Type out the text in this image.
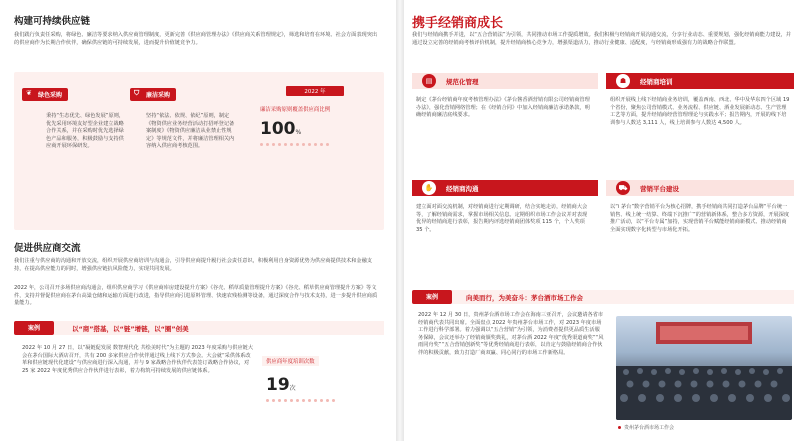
构建可持续供应链
我们践行负责任采购，将绿色、廉洁等要求纳入供应商管理制度，更新完善《供应商管理办法》《供应商关系管理规定》，筛选和培育在环境、社会方面表现突出的供应商作为长期合作伙伴，确保供应链的可持续发展，进而提升价值链竞争力。
❦ 绿色采购
秉持“生态优先、绿色发展”原则，优先采用环境友好型企业建立战略合作关系，并在采购时优先选择绿色产品和服务，积极鼓励与支持供应商开展环保研发。
⛉ 廉洁采购
坚持“依法、依规、依纪”原则，制定《物资供应业务经营活动打招呼登记备案制度》《物资供应廉洁从业禁止性规定》等规范文件，并将廉洁管理相关内容纳入供应商考核范围。
2022 年
廉洁采购原则覆盖供应商比例
100%
促进供应商交流
我们注重与供应商的沟通和开放交流，组织开展供应商培训与沟通会，引导供应商提升履行社会责任意识，积极利用自身资源优势为供应商提供技术和金融支持，在提高供应能力的同时，增强供应链抗风险能力，实现共同发展。
2022 年，公司召开多场供应商沟通会，组织供应商学习《供应商库房建设提升方案》《谷壳、稻草质量管理提升方案》《谷壳、稻草供应商管理提升方案》等文件，支持并督促供应商在茅台高粱仓储和运输方面进行改进，指导供应商引进原料管理、快速农残检测等设备，通过深度合作与技术支持，进一步提升供应商质量能力。
案例	以“商”搭基，以“链”增链，以“圈”创美
2022 年 10 月 27 日，以“凝链促发展 数智现代化 共绘美时代”为主题的 2023 年度采购与供应链大会在茅台国际大酒店召开，共有 200 多家供应合作伙伴通过线上线下方式参会。大会就“采供体系改革和供应链现代化建设”与供应商进行深入沟通，并与 9 家战略合作伙伴代表签订战略合作协议，对 25 家 2022 年度优秀供应合作伙伴进行表彰，着力构筑可持续发展的供应链体系。
供应商年度培训次数
19次
携手经销商成长
我们与经销商携手并进，以“五合营销法”为引领，共同推动市场工作提质增效。我们积极与经销商开展沟通交流，分享行业动态、重要规划，强化经销商能力建设，并通过设立完善的经销商考核评价机制，提升经销商核心竞争力，增强渠道活力，推动行业健康、适配度，与经销商形成强有力的战略合作联盟。
▤	规范化管理
制定《茅台经销商年度考核管理办法》《茅台酱香酒营销有限公司经销商管理办法》，强化营销网络管理；在《经销合同》中加入经销商廉洁承诺条款，明确经销商廉洁底线要求。
☗	经销商培训
组织开展线上线下经销商业务培训，覆盖西南、西北、华中及华东四个区域 19 个省份，聚焦公司营销模式、业务流程、供应链、酒业发展新动态、生产管理工艺等方面，提升经销商经营管理理论与实践水平；报告期内，开展的线下培训参与人数达 3,111 人，线上培训参与人数达 4,500 人。
✋	经销商沟通
建立面对面交流机制，对经销商进行定期调研，结合实地走访，经销商大会等，了解经销商需求，掌握市场相关信息。定期组织市场工作会议并对表现优异的经销商进行表彰，报告期内评选经销商团体奖项 115 个，个人奖项 35 个。
⛟	营销平台建设
以“i 茅台”数字营销平台为核心招牌，携手经销商共同打造茅台品牌“平台统一销售、线上统一结算、终端下沉推广”的营销新体系，整合多方资源，开展深度推广活动，以“平台专属”加持，实现营销平台赋能经销商新模式、推动经销商全面实现数字化转型与市场化开拓。
案例	向美而行，为美奋斗：茅台酒市场工作会
2022 年 12 月 30 日，贵州茅台酒市场工作会在海南三亚召开，会议邀请各省市经销商代表共同出席。全面盘点 2022 年贵州茅台市场工作，对 2023 年度市场工作进行科学部署。着力强调以“五合营销”为引领，为消费者提供更品质生活服务保障，会议还举办了经销商颁奖典礼，对茅台酒 2022 年度“优秀渠道商奖”“风雨同舟奖”“五合营销创新奖”等优秀经销商进行表彰，以肯定与鼓励经销商合作伙伴的积极贡献，致力打造厂商双赢、同心同行的市场工作新格局。
贵州茅台酒市场工作会
